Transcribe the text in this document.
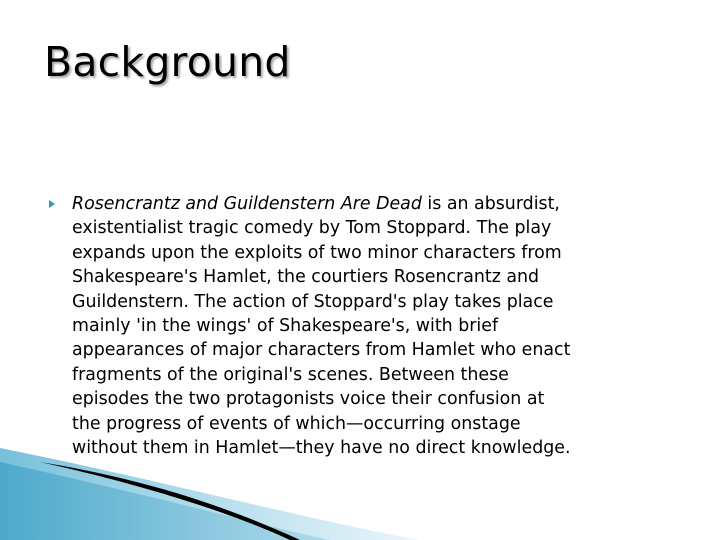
Background
Rosencrantz and Guildenstern Are Dead is an absurdist,
existentialist tragic comedy by Tom Stoppard. The play
expands upon the exploits of two minor characters from
Shakespeare's Hamlet, the courtiers Rosencrantz and
Guildenstern. The action of Stoppard's play takes place
mainly 'in the wings' of Shakespeare's, with brief
appearances of major characters from Hamlet who enact
fragments of the original's scenes. Between these
episodes the two protagonists voice their confusion at
the progress of events of which—occurring onstage
without them in Hamlet—they have no direct knowledge.
